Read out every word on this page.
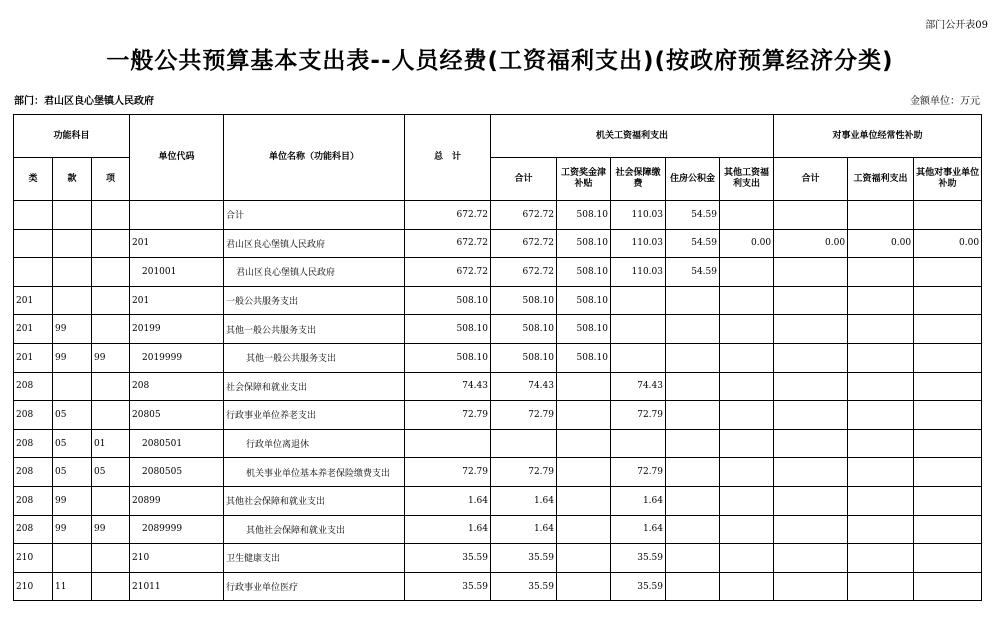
部门公开表09
一般公共预算基本支出表--人员经费(工资福利支出)(按政府预算经济分类)
部门：君山区良心堡镇人民政府	金额单位：万元
功能科目			单位代码	单位名称（功能科目）	总　计	机关工资福利支出					对事业单位经常性补助		
类	款	项				合计	工资奖金津补贴	社会保障缴费	住房公积金	其他工资福利支出	合计	工资福利支出	其他对事业单位补助
				合计	672.72	672.72	508.10	110.03	54.59				
			201	君山区良心堡镇人民政府	672.72	672.72	508.10	110.03	54.59	0.00	0.00	0.00	0.00
			201001	君山区良心堡镇人民政府	672.72	672.72	508.10	110.03	54.59				
201			201	一般公共服务支出	508.10	508.10	508.10						
201	99		20199	其他一般公共服务支出	508.10	508.10	508.10						
201	99	99	2019999	其他一般公共服务支出	508.10	508.10	508.10						
208			208	社会保障和就业支出	74.43	74.43		74.43					
208	05		20805	行政事业单位养老支出	72.79	72.79		72.79					
208	05	01	2080501	行政单位离退休									
208	05	05	2080505	机关事业单位基本养老保险缴费支出	72.79	72.79		72.79					
208	99		20899	其他社会保障和就业支出	1.64	1.64		1.64					
208	99	99	2089999	其他社会保障和就业支出	1.64	1.64		1.64					
210			210	卫生健康支出	35.59	35.59		35.59					
210	11		21011	行政事业单位医疗	35.59	35.59		35.59					
